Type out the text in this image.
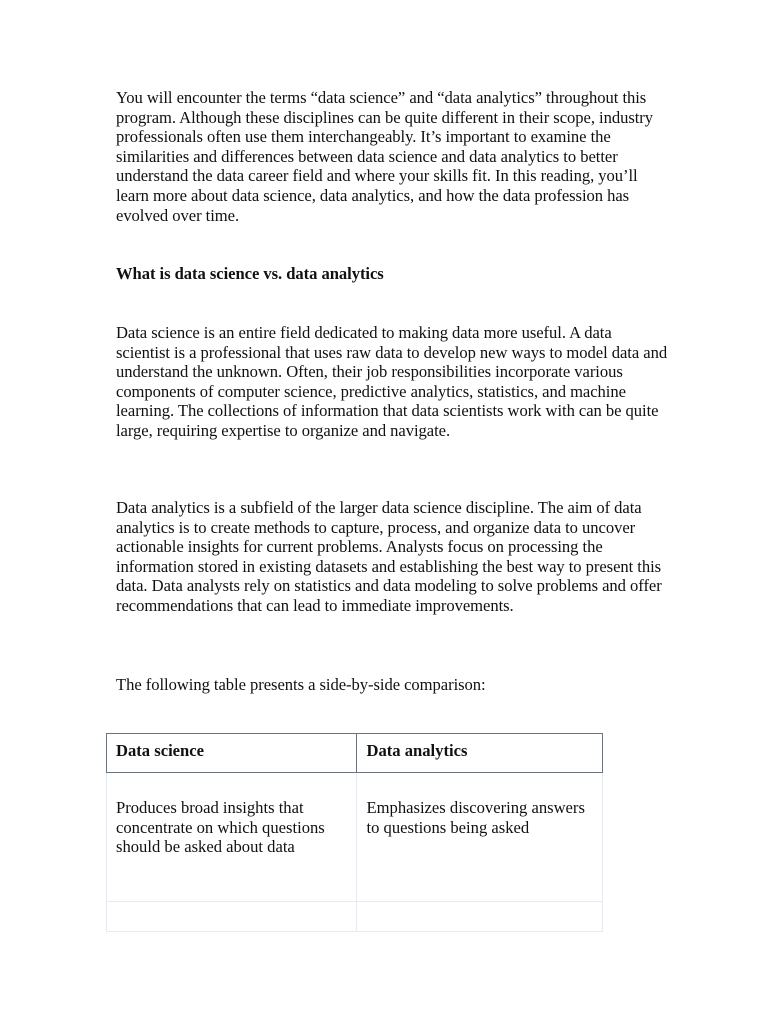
You will encounter the terms “data science” and “data analytics” throughout this program. Although these disciplines can be quite different in their scope, industry professionals often use them interchangeably. It’s important to examine the similarities and differences between data science and data analytics to better understand the data career field and where your skills fit. In this reading, you’ll learn more about data science, data analytics, and how the data profession has evolved over time.

What is data science vs. data analytics

Data science is an entire field dedicated to making data more useful. A data scientist is a professional that uses raw data to develop new ways to model data and understand the unknown. Often, their job responsibilities incorporate various components of computer science, predictive analytics, statistics, and machine learning. The collections of information that data scientists work with can be quite large, requiring expertise to organize and navigate.

Data analytics is a subfield of the larger data science discipline. The aim of data analytics is to create methods to capture, process, and organize data to uncover actionable insights for current problems. Analysts focus on processing the information stored in existing datasets and establishing the best way to present this data. Data analysts rely on statistics and data modeling to solve problems and offer recommendations that can lead to immediate improvements.

The following table presents a side-by-side comparison:

Data science	Data analytics
Produces broad insights that concentrate on which questions should be asked about data	Emphasizes discovering answers to questions being asked
